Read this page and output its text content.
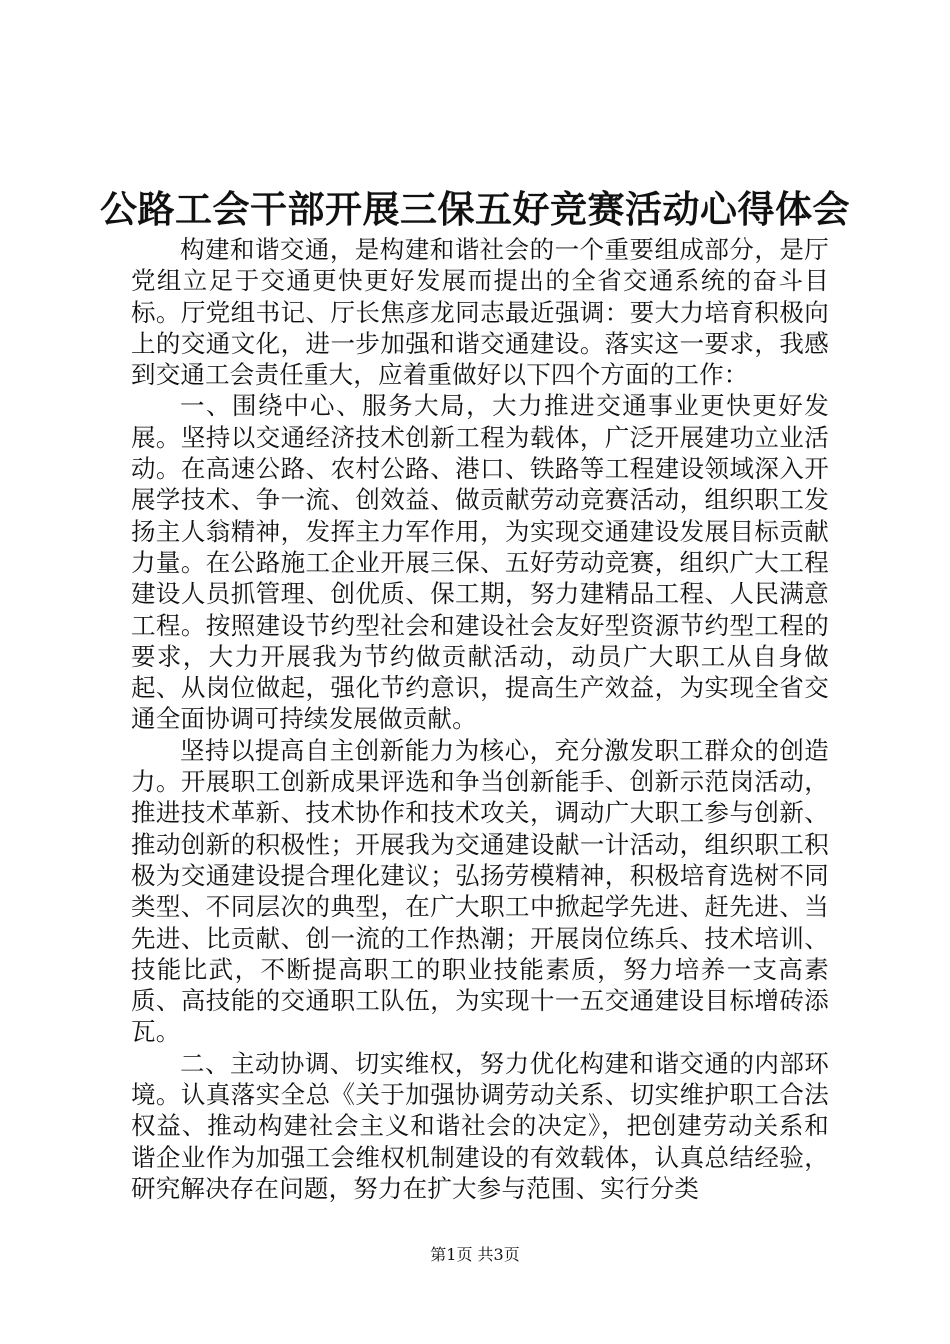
公路工会干部开展三保五好竞赛活动心得体会

构建和谐交通，是构建和谐社会的一个重要组成部分，是厅党组立足于交通更快更好发展而提出的全省交通系统的奋斗目标。厅党组书记、厅长焦彦龙同志最近强调：要大力培育积极向上的交通文化，进一步加强和谐交通建设。落实这一要求，我感到交通工会责任重大，应着重做好以下四个方面的工作：

一、围绕中心、服务大局，大力推进交通事业更快更好发展。坚持以交通经济技术创新工程为载体，广泛开展建功立业活动。在高速公路、农村公路、港口、铁路等工程建设领域深入开展学技术、争一流、创效益、做贡献劳动竞赛活动，组织职工发扬主人翁精神，发挥主力军作用，为实现交通建设发展目标贡献力量。在公路施工企业开展三保、五好劳动竞赛，组织广大工程建设人员抓管理、创优质、保工期，努力建精品工程、人民满意工程。按照建设节约型社会和建设社会友好型资源节约型工程的要求，大力开展我为节约做贡献活动，动员广大职工从自身做起、从岗位做起，强化节约意识，提高生产效益，为实现全省交通全面协调可持续发展做贡献。

坚持以提高自主创新能力为核心，充分激发职工群众的创造力。开展职工创新成果评选和争当创新能手、创新示范岗活动，推进技术革新、技术协作和技术攻关，调动广大职工参与创新、推动创新的积极性；开展我为交通建设献一计活动，组织职工积极为交通建设提合理化建议；弘扬劳模精神，积极培育选树不同类型、不同层次的典型，在广大职工中掀起学先进、赶先进、当先进、比贡献、创一流的工作热潮；开展岗位练兵、技术培训、技能比武，不断提高职工的职业技能素质，努力培养一支高素质、高技能的交通职工队伍，为实现十一五交通建设目标增砖添瓦。

二、主动协调、切实维权，努力优化构建和谐交通的内部环境。认真落实全总《关于加强协调劳动关系、切实维护职工合法权益、推动构建社会主义和谐社会的决定》，把创建劳动关系和谐企业作为加强工会维权机制建设的有效载体，认真总结经验，研究解决存在问题，努力在扩大参与范围、实行分类

第1页 共3页
